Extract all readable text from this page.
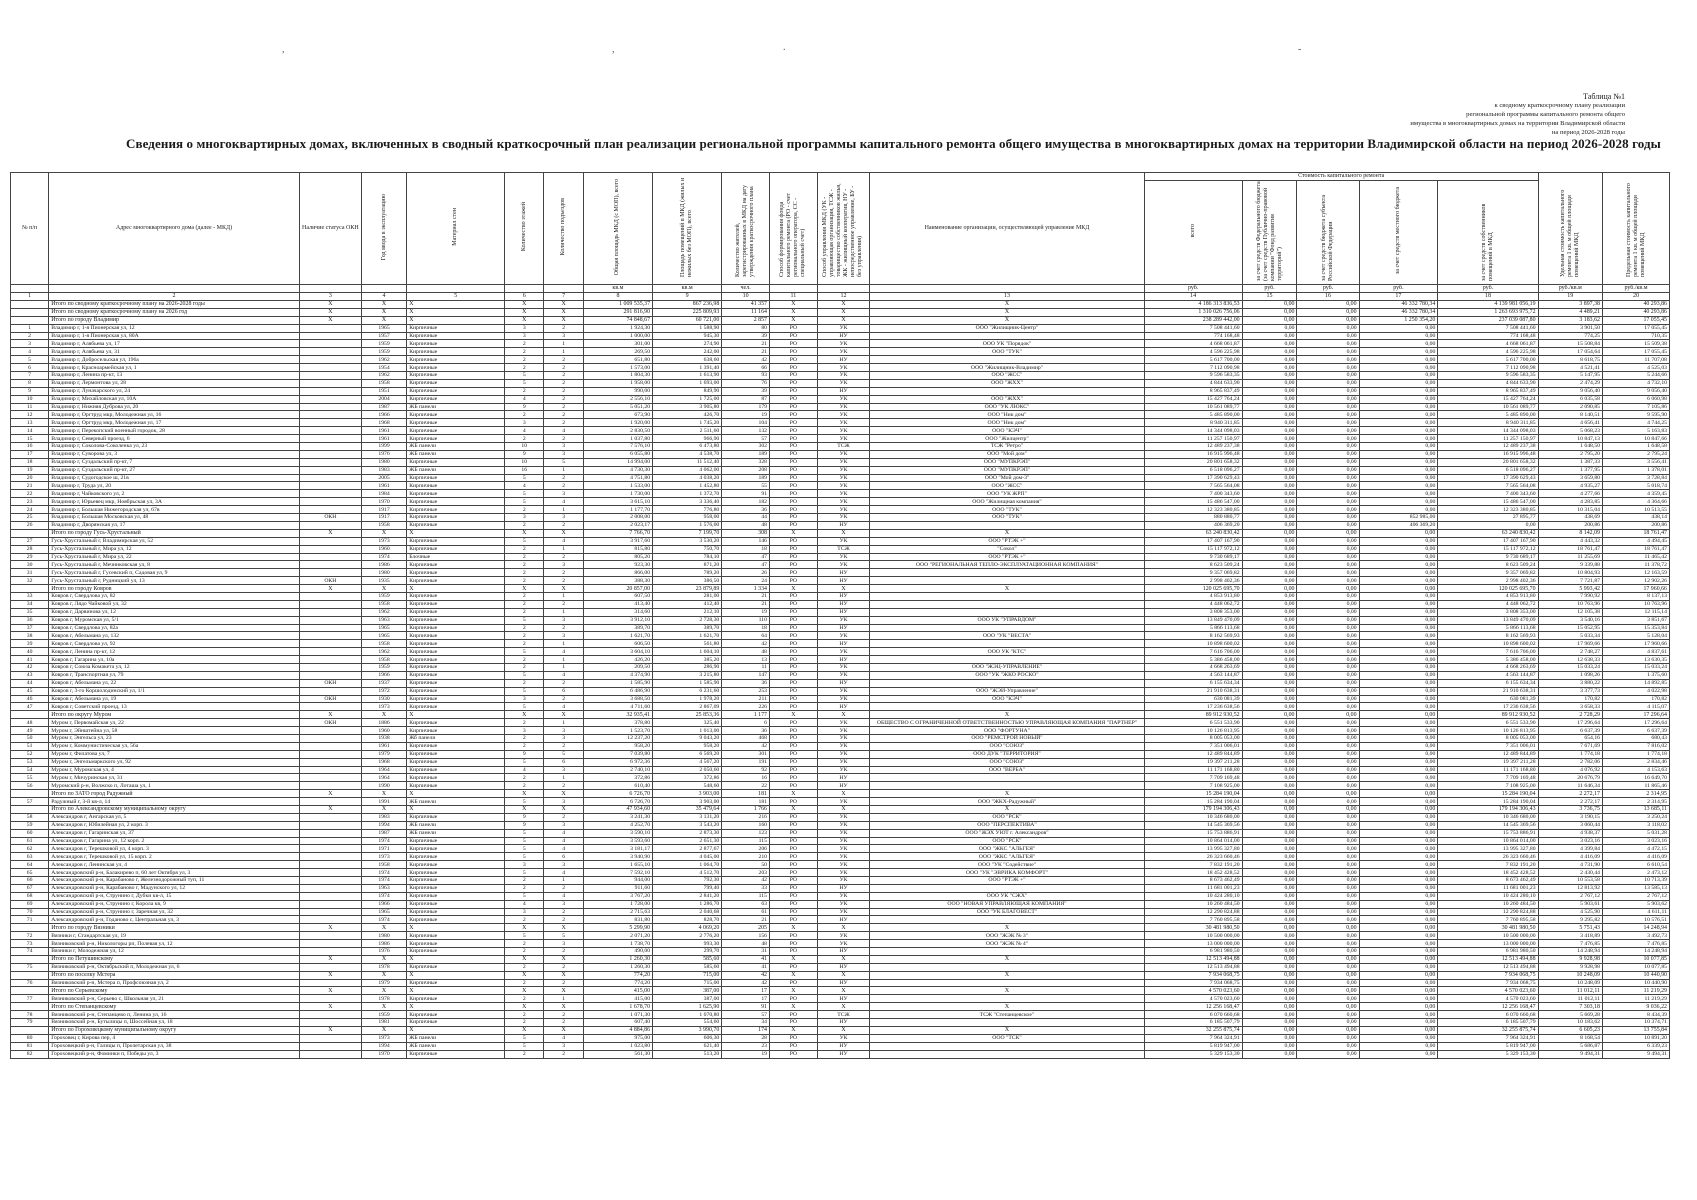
,	,	.	-
Таблица №1
к сводному краткосрочному плану реализации
региональной программы капитального ремонта общего
имущества в многоквартирных домах на территории Владимирской области
на период 2026-2028 годы
Сведения о многоквартирных домах, включенных в сводный краткосрочный план реализации региональной программы капитального ремонта общего имущества в многоквартирных домах на территории Владимирской области на период 2026-2028 годы
№ п/п	Адрес многоквартирного дома (далее - МКД)	Наличие статуса ОКН	Год ввода в эксплуатацию	Материал стен	Количество этажей	Количество подъездов	Общая площадь МКД (с МОП), всего	Площадь помещений в МКД (жилых и нежилых без МОП), всего	Количество жителей, зарегистрированных в МКД на дату утверждения краткосрочного плана	Способ формирования фонда капитального ремонта (РО - счет регионального оператора, СС - специальный счет)	Способ управления МКД (УК - управляющая организация, ТСЖ - товарищество собственников жилья, ЖК - жилищный кооператив, НУ - непосредственное управление, БУ - без управления)	Наименование организации, осуществляющей управление МКД	Стоимость капитального ремонта					Удельная стоимость капитального ремонта 1 кв. м общей площади помещений МКД	Предельная стоимость капитального ремонта 1 кв. м общей площади помещений МКД
													всего	за счет средств Федерального бюджета (за счет средств Публично-правовой компании "Фонд развития территорий")	за счет средств бюджета субъекта Российской Федерации	за счет средств местного бюджета	за счет средств собственников помещений в МКД		
							кв.м	кв.м	чел.				руб.	руб.	руб.	руб.	руб.	руб./кв.м	руб./кв.м
1	2	3	4	5	6	7	8	9	10	11	12	13	14	15	16	17	18	19	20
	Итого по сводному краткосрочному плану на 2026-2028 годы	X	X	X	X	X	1 009 535,37	867 236,98	41 357	X	X	X	4 186 313 836,53	0,00	0,00	46 332 780,34	4 139 981 056,19	3 897,38	40 293,86
	Итого по сводному краткосрочному плану на 2026 год	X	X	X	X	X	291 816,90	225 809,93	11 164	X	X	X	1 310 026 756,06	0,00	0,00	46 332 780,34	1 263 693 975,72	4 489,21	40 293,86
	Итого по городу Владимир	X	X	X	X	X	74 848,67	60 721,00	2 857	X	X	X	238 289 442,00	0,00	0,00	1 250 354,20	237 039 087,80	3 183,62	17 055,45
1	Владимир г, 1-я Пионерская ул, 12		1965	Кирпичные	3	2	1 924,30	1 588,90	80	РО	УК	ООО "Жилищник-Центр"	7 508 441,60	0,00	0,00	0,00	7 508 441,60	3 901,50	17 055,45
2	Владимир г, 1-я Пионерская ул, 80А		1957	Кирпичные	3	3	1 000,00	945,30	39	РО	НУ		774 168,48	0,00	0,00	0,00	774 168,48	774,25	710,35
3	Владимир г, Алябьева ул, 17		1959	Кирпичные	2	1	301,00	274,90	21	РО	УК	ООО УК "Порядок"	4 668 061,87	0,00	0,00	0,00	4 668 061,87	15 508,84	15 509,38
4	Владимир г, Алябьева ул, 31		1959	Кирпичные	2	1	269,50	242,00	21	РО	УК	ООО "ТУК"	4 596 225,98	0,00	0,00	0,00	4 596 225,98	17 054,64	17 055,45
5	Владимир г, Добросельская ул, 196а		1962	Кирпичные	2	2	651,80	638,60	42	РО	НУ		5 617 700,00	0,00	0,00	0,00	5 617 700,00	8 618,75	11 707,08
6	Владимир г, Красноармейская ул, 1		1954	Кирпичные	2	2	1 573,00	1 391,40	66	РО	УК	ООО "Жилищник-Владимир"	7 112 090,98	0,00	0,00	0,00	7 112 090,98	4 521,41	4 525,03
7	Владимир г, Ленина пр-кт, 13		1962	Кирпичные	5	2	1 804,30	1 613,90	93	РО	УК	ООО "ЖСС"	9 596 583,35	0,00	0,00	0,00	9 596 583,35	5 147,95	5 244,66
8	Владимир г, Лермонтова ул, 28		1958	Кирпичные	5	2	1 958,00	1 693,00	76	РО	УК	ООО "ЖХХ"	4 844 633,90	0,00	0,00	0,00	4 844 633,90	2 474,29	4 732,10
9	Владимир г, Луначарского ул, 24		1951	Кирпичные	2	2	990,00	849,90	39	РО	НУ		8 965 837,49	0,00	0,00	0,00	8 965 837,49	9 056,40	9 056,40
10	Владимир г, Михайловская ул, 10А		2004	Кирпичные	4	2	2 556,10	1 725,00	87	РО	УК	ООО "ЖХХ"	15 427 764,24	0,00	0,00	0,00	15 427 764,24	6 035,58	6 060,98
11	Владимир г, Нижняя Дуброва ул, 20		1987	ЖБ панели	9	2	5 051,20	3 905,80	179	РО	УК	ООО "УК ЛЮКС"	10 561 089,77	0,00	0,00	0,00	10 561 089,77	2 090,85	7 105,86
12	Владимир г, Оргтруд мкр, Молодежная ул, 16		1966	Кирпичные	2	2	673,90	426,70	19	РО	УК	ООО "Ник дом"	5 485 890,00	0,00	0,00	0,00	5 485 890,00	8 140,51	9 595,90
13	Владимир г, Оргтруд мкр, Молодежная ул, 17		1968	Кирпичные	3	2	1 920,00	1 745,20	104	РО	УК	ООО "Ник дом"	8 940 311,85	0,00	0,00	0,00	8 940 311,85	4 656,41	4 744,25
14	Владимир г, Перекопский военный городок, 28		1961	Кирпичные	4	4	2 830,50	2 511,60	132	РО	УК	ООО "КЭЧ"	14 344 098,03	0,00	0,00	0,00	14 344 098,03	5 068,23	5 163,83
15	Владимир г, Северный проезд, 6		1961	Кирпичные	2	2	1 037,80	966,90	57	РО	УК	ООО "Жилцентр"	11 257 150,97	0,00	0,00	0,00	11 257 150,97	10 847,13	10 847,66
16	Владимир г, Соколова-Соколенка ул, 23		1999	ЖБ панели	10	3	7 576,10	6 473,80	302	РО	ТСЖ	ТСЖ "Ретро"	12 489 237,38	0,00	0,00	0,00	12 489 237,38	1 648,50	1 648,58
17	Владимир г, Суворова ул, 3		1976	ЖБ панели	9	3	6 055,80	4 538,70	189	РО	УК	ООО "Мой дом"	16 915 996,48	0,00	0,00	0,00	16 915 996,48	2 795,20	2 795,24
18	Владимир г, Суздальский пр-кт, 7		1980	Кирпичные	10	5	14 994,00	11 512,40	328	РО	УК	ООО "МУПКРЭП"	20 801 658,32	0,00	0,00	0,00	20 801 658,32	1 387,33	3 556,41
19	Владимир г, Суздальский пр-кт, 27		1983	ЖБ панели	16	1	4 730,30	4 062,00	208	РО	УК	ООО "МУПКРЭП"	6 518 096,27	0,00	0,00	0,00	6 518 096,27	1 377,95	1 378,01
20	Владимир г, Судогодское ш, 21в		2005	Кирпичные	5	2	4 751,80	4 038,20	189	РО	УК	ООО "Мой дом-3"	17 390 629,43	0,00	0,00	0,00	17 390 629,43	3 659,80	3 728,84
21	Владимир г, Труда ул, 20		1961	Кирпичные	4	2	1 533,00	1 452,80	55	РО	УК	ООО "ЖСС"	7 565 564,08	0,00	0,00	0,00	7 565 564,08	4 935,27	5 018,74
22	Владимир г, Чайковского ул, 2		1984	Кирпичные	5	3	1 730,00	1 372,70	91	РО	УК	ООО "УК ЖРП"	7 400 343,60	0,00	0,00	0,00	7 400 343,60	4 277,66	4 359,45
23	Владимир г, Юрьевец мкр, Ноябрьская ул, 3А		1970	Кирпичные	5	4	3 615,10	3 336,40	182	РО	УК	ООО "Жилищная компания"	15 486 547,00	0,00	0,00	0,00	15 486 547,00	4 283,85	4 364,66
24	Владимир г, Большая Нижегородская ул, 67в		1917	Кирпичные	2	1	1 177,70	776,80	36	РО	УК	ООО "ТУК"	12 323 380,85	0,00	0,00	0,00	12 323 380,85	10 315,04	10 513,55
25	Владимир г, Большая Московская ул, 48	ОКН	1917	Кирпичные	3	3	2 008,00	958,00	44	РО	УК	ООО "ТУК"	880 880,77	0,00	0,00	852 985,00	27 895,77	438,69	438,14
26	Владимир г, Дворянская ул, 17		1958	Кирпичные	2	2	2 023,17	1 576,00	48	РО	НУ		406 369,20	0,00	0,00	406 369,20	0,00	200,86	200,86
	Итого по городу Гусь-Хрустальный	X	X	X	X	X	7 766,70	7 199,70	308	X	X	X	63 240 830,42	0,00	0,00	0,00	63 240 830,42	8 142,09	18 761,47
27	Гусь-Хрустальный г, Владимирская ул, 52		1973	Кирпичные	5	4	3 917,60	3 530,20	146	РО	УК	ООО "РТЭК +"	17 407 167,90	0,00	0,00	0,00	17 407 167,90	4 443,32	4 494,45
28	Гусь-Хрустальный г, Мира ул, 12		1960	Кирпичные	2	1	815,80	750,70	18	РО	ТСЖ	"Сокол"	15 117 972,12	0,00	0,00	0,00	15 117 972,12	18 761,47	18 761,47
29	Гусь-Хрустальный г, Мира ул, 22		1974	Блочные	2	2	805,20	784,10	47	РО	УК	ООО "РТЭК +"	9 730 689,17	0,00	0,00	0,00	9 730 689,17	11 255,69	11 465,42
30	Гусь-Хрустальный г, Мечниковская ул, 8		1986	Кирпичные	2	3	923,30	871,20	47	РО	УК	ООО "РЕГИОНАЛЬНАЯ ТЕПЛО-ЭКСПЛУАТАЦИОННАЯ КОМПАНИЯ"	8 623 509,24	0,00	0,00	0,00	8 623 509,24	9 339,88	11 378,72
31	Гусь-Хрустальный г, Гусевский п, Садовая ул, 9		1980	Кирпичные	2	2	866,00	789,20	26	РО	НУ		9 357 069,82	0,00	0,00	0,00	9 357 069,82	10 804,93	12 163,59
32	Гусь-Хрустальный г, Рудницкий ул, 13	ОКН	1935	Кирпичные	2	2	388,30	386,50	24	РО	НУ		2 998 402,36	0,00	0,00	0,00	2 998 402,36	7 721,87	12 902,26
	Итого по городу Ковров	X	X	X	X	X	20 857,00	23 879,89	1 334	X	X	X	120 025 695,70	0,00	0,00	0,00	120 025 695,70	5 993,42	17 960,66
33	Ковров г, Свердлова ул, 82		1959	Кирпичные	2	1	607,50	281,00	21	РО	НУ		4 853 913,80	0,00	0,00	0,00	4 853 913,80	7 990,92	8 137,13
34	Ковров г, Лядо Чайковой ул, 32		1958	Кирпичные	2	2	413,40	412,40	21	РО	НУ		4 448 062,72	0,00	0,00	0,00	4 448 062,72	10 763,96	10 763,96
35	Ковров г, Дарвинова ул, 12		1962	Кирпичные	2	1	314,60	212,10	19	РО	НУ		3 808 353,00	0,00	0,00	0,00	3 808 353,00	12 105,38	12 115,14
36	Ковров г, Муромская ул, 5/1		1963	Кирпичные	5	3	3 912,10	2 728,30	110	РО	УК	ООО УК "УПРАВДОМ"	13 849 470,09	0,00	0,00	0,00	13 849 470,09	3 540,16	3 851,67
37	Ковров г, Свердлова ул, 82а		1965	Кирпичные	2	2	389,70	389,70	18	РО	НУ		5 866 113,68	0,00	0,00	0,00	5 866 113,68	15 052,95	15 353,84
38	Ковров г, Абельмана ул, 132		1965	Кирпичные	2	3	1 621,70	1 621,70	64	РО	УК	ООО "УК "ВЕСТА"	8 162 569,93	0,00	0,00	0,00	8 162 569,93	5 033,34	5 128,04
39	Ковров г, Свердлова ул, 92		1958	Кирпичные	2	1	606,50	561,80	42	РО	НУ		10 898 600,02	0,00	0,00	0,00	10 898 600,02	17 969,66	17 960,66
40	Ковров г, Ленина пр-кт, 12		1962	Кирпичные	5	4	3 604,10	1 604,10	48	РО	УК	ООО УК "КТС"	7 616 706,00	0,00	0,00	0,00	7 616 706,00	2 748,27	4 837,61
41	Ковров г, Гагарина ул, 10а		1958	Кирпичные	2	1	426,20	385,20	13	РО	НУ		5 386 458,00	0,00	0,00	0,00	5 386 458,00	12 638,33	13 630,35
42	Ковров г, Союза Комакета ул, 12		1959	Кирпичные	2	1	209,50	286,90	11	РО	УК	ООО "ЖЭЦ-УПРАВЛЕНИЕ"	4 668 263,69	0,00	0,00	0,00	4 668 263,69	15 033,24	15 033,24
43	Ковров г, Транспортная ул, 79		1966	Кирпичные	5	4	4 374,90	3 215,80	147	РО	УК	ООО "УК "ЖКО РОСКО"	4 563 144,87	0,00	0,00	0,00	4 563 144,87	1 098,26	1 375,60
44	Ковров г, Абельмана ул, 22	ОКН	1937	Кирпичные	2	2	1 585,90	1 585,90	36	РО	НУ		6 155 634,34	0,00	0,00	0,00	6 155 634,34	3 880,22	14 892,85
45	Ковров г, 3-го Коршолодинский ул, 1/1		1972	Кирпичные	5	6	6 486,90	6 231,60	253	РО	УК	ООО "ЖЭИ-Управление"	21 910 638,31	0,00	0,00	0,00	21 910 638,31	3 377,73	4 022,98
46	Ковров г, Абельмана ул, 19	ОКН	1930	Кирпичные	3	2	3 688,50	1 978,20	211	РО	УК	ООО "КЭЧ"	630 081,39	0,00	0,00	0,00	630 081,39	170,82	170,82
47	Ковров г, Советский проезд, 13		1973	Кирпичные	5	4	4 711,60	2 867,09	226	РО	НУ		17 236 638,56	0,00	0,00	0,00	17 236 638,56	3 658,33	4 115,07
	Итого по округу Муром	X	X	X	X	X	32 935,41	25 853,36	1 177	X	X	X	89 912 930,52	0,00	0,00	0,00	89 912 930,52	2 728,29	17 296,64
48	Муром г, Первомайская ул, 22	ОКН	1886	Кирпичные	2	1	378,80	325,40	6	РО	УК	ОБЩЕСТВО С ОГРАНИЧЕННОЙ ОТВЕТСТВЕННОСТЬЮ УПРАВЛЯЮЩАЯ КОМПАНИЯ "ПАРТНЕР"	6 551 533,90	0,00	0,00	0,00	6 551 533,90	17 296,64	17 296,64
49	Муром г, Эйнштейна ул, 58		1960	Кирпичные	3	3	1 523,70	1 013,00	36	РО	УК	ООО "ФОРТУНА"	10 126 813,95	0,00	0,00	0,00	10 126 813,95	6 637,39	6 637,39
50	Муром г, Энгельса ул, 23		1938	Жб панели	2	3	12 237,20	9 043,20	468	РО	УК	ООО "РЕМСТРОЙ НОВЫЙ"	8 005 053,00	0,00	0,00	0,00	8 005 053,00	654,16	680,43
51	Муром г, Коммунистическая ул, 56а		1961	Кирпичные	2	2	958,20	958,20	42	РО	УК	ООО "СОЮЗ"	7 351 006,01	0,00	0,00	0,00	7 351 006,01	7 671,69	7 816,02
52	Муром г, Филатова ул, 7		1979	Кирпичные	9	5	7 039,80	6 569,20	301	РО	УК	ООО ДУК "ТЕРРИТОРИЯ"	12 489 844,89	0,00	0,00	0,00	12 489 844,89	1 774,18	1 774,18
53	Муром г, Энгельмаркского ул, 92		1968	Кирпичные	5	6	6 972,36	4 567,20	191	РО	УК	ООО "СОЮЗ"	19 397 211,28	0,00	0,00	0,00	19 397 211,28	2 782,06	2 834,46
54	Муром г, Муромская ул, 4		1964	Кирпичные	4	3	2 740,10	2 050,60	92	РО	УК	ООО "ВЕРБА"	11 171 168,80	0,00	0,00	0,00	11 171 168,80	4 076,92	4 153,63
55	Муром г, Мичуринская ул, 31		1964	Кирпичные	2	1	372,86	372,86	16	РО	НУ		7 709 169,48	0,00	0,00	0,00	7 709 169,48	20 676,79	16 649,70
56	Муромский р-н, Волжско п, Лоташа ул, 1		1990	Кирпичные	2	2	610,40	548,60	22	РО	НУ		7 108 925,00	0,00	0,00	0,00	7 108 925,00	11 646,34	11 865,46
	Итого по ЗАТО город Радужный	X	X	X	X	X	6 726,70	3 903,00	181	X	X	X	15 284 190,04	0,00	0,00	0,00	15 284 190,04	2 272,17	2 314,95
57	Радужный г, 3-й кв-л, 14		1991	ЖБ панели	5	3	6 726,70	3 903,00	181	РО	УК	ООО "ЖКХ-Радужный"	15 284 190,04	0,00	0,00	0,00	15 284 190,04	2 272,17	2 314,95
	Итого по Александровскому муниципальному округу	X	X	X	X	X	47 934,60	35 479,64	1 766	X	X	X	179 194 306,43	0,00	0,00	0,00	179 194 306,43	3 736,75	13 685,11
58	Александров г, Ангарская ул, 5		1983	Кирпичные	9	2	3 241,30	3 131,20	216	РО	УК	ООО "РСК"	10 346 680,00	0,00	0,00	0,00	10 346 680,00	3 190,15	3 250,24
59	Александров г, Юбилейная ул, 2 корп. 3		1994	ЖБ панели	9	3	4 252,70	3 543,20	160	РО	УК	ООО "ПЕРСПЕКТИВА"	14 545 369,56	0,00	0,00	0,00	14 545 369,56	3 060,44	3 118,02
60	Александров г, Гагаринская ул, 37		1987	ЖБ панели	5	4	3 590,10	2 873,30	123	РО	УК	ООО "ЖЭХ УЮТ г. Александров"	15 753 886,91	0,00	0,00	0,00	15 753 886,91	4 938,37	5 031,28
61	Александров г, Гагарина ул, 12 корп. 2		1974	Кирпичные	5	4	3 593,60	2 651,30	115	РО	УК	ООО "РСК"	10 864 014,00	0,00	0,00	0,00	10 864 014,00	3 023,16	3 023,16
62	Александров г, Терешковой ул, 4 корп. 3		1971	Кирпичные	5	4	3 181,17	2 877,67	206	РО	УК	ООО "ЖКС "АЛЬГЕЯ"	13 995 327,80	0,00	0,00	0,00	13 995 327,80	4 399,84	4 472,15
63	Александров г, Терешковой ул, 15 корп. 2		1973	Кирпичные	5	6	3 940,90	4 045,00	210	РО	УК	ООО "ЖКС "АЛЬГЕЯ"	26 323 660,46	0,00	0,00	0,00	26 323 660,46	4 416,09	4 416,09
64	Александров г, Ленинская ул, 4		1958	Кирпичные	3	3	1 655,10	1 064,70	50	РО	УК	ООО "УК "Содействие"	7 832 191,20	0,00	0,00	0,00	7 832 191,20	4 731,90	6 610,54
65	Александровский р-н, Балакирево п, 60 лет Октября ул, 3		1974	Кирпичные	5	4	7 592,10	4 512,70	203	РО	УК	ООО "УК "ЭВРИКА КОМФОРТ"	18 452 428,52	0,00	0,00	0,00	18 452 428,52	2 430,44	2 473,12
66	Александровский р-н, Карабаново г, Железнодорожный туп, 11		1974	Кирпичные	2	1	944,00	792,30	42	РО	УК	ООО "РТЭК +"	8 673 462,49	0,00	0,00	0,00	8 673 462,49	10 553,58	10 713,39
67	Александровский р-н, Карабаново г, Мадунского ул, 12		1963	Кирпичные	2	2	911,60	799,40	33	РО	НУ		11 681 001,23	0,00	0,00	0,00	11 681 001,23	12 813,92	13 585,13
68	Александровский р-н, Струнино г, Дубки кв-л, 15		1974	Кирпичные	5	4	3 767,20	2 841,20	115	РО	УК	ООО УК "СЖХ"	10 424 280,10	0,00	0,00	0,00	10 424 280,10	2 767,12	2 767,12
69	Александровский р-н, Струнино г, Корола кв, 9		1966	Кирпичные	4	3	1 728,00	1 286,70	63	РО	УК	ООО "НОВАЯ УПРАВЛЯЮЩАЯ КОМПАНИЯ"	10 260 484,50	0,00	0,00	0,00	10 260 484,50	5 903,61	5 903,62
70	Александровский р-н, Струнино г, Заречная ул, 32		1965	Кирпичные	3	2	2 715,63	2 040,68	61	РО	УК	ООО "УК БЛАГОВЕСТ"	12 290 824,88	0,00	0,00	0,00	12 290 824,88	4 525,90	4 611,11
71	Александровский р-н, Годаново с, Центральная ул, 3		1974	Кирпичные	2	2	831,80	828,70	21	РО	НУ		7 760 895,58	0,00	0,00	0,00	7 760 895,58	9 295,82	10 576,51
	Итого по городу Вязники	X	X	X	X	X	5 299,90	4 069,20	205	X	X	X	30 481 980,50	0,00	0,00	0,00	30 481 980,50	5 751,43	14 248,94
72	Вязники г, Стандартская ул, 19		1980	Кирпичные	5	5	2 071,20	2 776,20	156	РО	УК	ООО "ЖЭК № 3"	10 500 000,00	0,00	0,00	0,00	10 500 000,00	3 418,89	3 492,73
73	Вязниковский р-н, Никологоры рп, Полевая ул, 12		1986	Кирпичные	2	3	1 738,70	993,30	48	РО	УК	ООО "ЖЭК № 4"	13 000 000,00	0,00	0,00	0,00	13 000 000,00	7 476,85	7 476,85
74	Вязники г, Молодежная ул, 12		1976	Кирпичные	2	2	490,00	299,70	31	РО	НУ		6 981 980,50	0,00	0,00	0,00	6 981 980,50	14 248,94	14 248,94
	Итого по Петушинскому	X	X	X	X	X	1 260,30	585,60	41	X	X	X	12 513 494,88	0,00	0,00	0,00	12 513 494,88	9 928,98	10 077,85
75	Вязниковский р-н, Октябрьский п, Молодежная ул, 6		1978	Кирпичные	2	2	1 260,30	585,60	41	РО	НУ		12 513 494,88	0,00	0,00	0,00	12 513 494,88	9 928,98	10 077,85
	Итого по поселку Мстера	X	X	X	X	X	774,20	715,00	42	X	X	X	7 934 068,75	0,00	0,00	0,00	7 934 068,75	10 248,09	10 440,90
76	Вязниковский р-н, Мстера п, Профсоюзная ул, 2		1979	Кирпичные	2	2	774,20	715,00	42	РО	НУ		7 934 068,75	0,00	0,00	0,00	7 934 068,75	10 248,09	10 440,90
	Итого по Серьевскому	X	X	X	X	X	415,00	387,00	17	X	X	X	4 570 023,60	0,00	0,00	0,00	4 570 023,60	11 012,11	11 219,29
77	Вязниковский р-н, Серьево с, Школьная ул, 21		1978	Кирпичные	2	1	415,00	387,00	17	РО	НУ		4 570 023,60	0,00	0,00	0,00	4 570 023,60	11 012,11	11 219,29
	Итого по Степанцевскому	X	X	X	X	X	1 678,70	1 625,90	91	X	X	X	12 256 168,47	0,00	0,00	0,00	12 256 168,47	7 303,18	9 036,22
78	Вязниковский р-н, Степанцево п, Ленина ул, 16		1959	Кирпичные	2	2	1 071,30	1 070,80	57	РО	ТСЖ	ТСЖ "Степанцевское"	6 070 660,68	0,00	0,00	0,00	6 070 660,68	5 669,28	8 434,39
79	Вязниковский р-н, Бутылицы п, Шоссейная ул, 18		1981	Кирпичные	2	2	607,40	554,60	34	РО	НУ		6 185 507,79	0,00	0,00	0,00	6 185 507,79	10 183,62	10 374,71
	Итого по Гороховецкому муниципальному округу	X	X	X	X	X	4 884,86	3 990,70	174	X	X	X	32 255 875,74	0,00	0,00	0,00	32 255 875,74	6 605,23	13 755,84
80	Гороховец г, Кирова пер, 4		1973	ЖБ панели	5	4	975,00	606,30	28	РО	УК	ООО "ТСК"	7 964 324,91	0,00	0,00	0,00	7 964 324,91	8 168,54	10 891,20
81	Гороховецкий р-н, Галицы п, Пролетарская ул, 38		1994	ЖБ панели	5	3	1 023,80	621,40	23	РО	НУ		5 819 947,00	0,00	0,00	0,00	5 819 947,00	5 686,87	6 339,23
82	Гороховецкий р-н, Фоминки п, Победы ул, 3		1970	Кирпичные	2	2	561,30	513,20	19	РО	НУ		5 329 153,30	0,00	0,00	0,00	5 329 153,30	9 494,31	9 494,31
